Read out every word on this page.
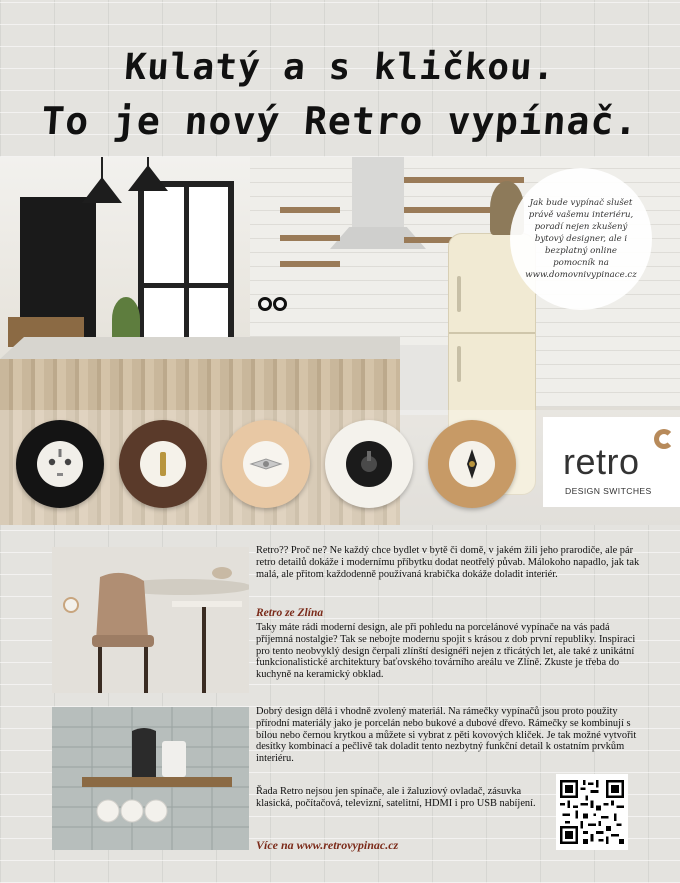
Kulatý a s kličkou.
To je nový Retro vypínač.

Jak bude vypínač slušet právě vašemu interiéru, poradí nejen zkušený bytový designer, ale i bezplatný online pomocník na www.domovnivypinace.cz

retro
DESIGN SWITCHES

Retro?? Proč ne? Ne každý chce bydlet v bytě či domě, v jakém žili jeho prarodiče, ale pár retro detailů dokáže i modernímu příbytku dodat neotřelý půvab. Málokoho napadlo, jak tak malá, ale přitom každodenně používaná krabička dokáže doladit interiér.

Retro ze Zlína

Taky máte rádi moderní design, ale při pohledu na porcelánové vypínače na vás padá příjemná nostalgie? Tak se nebojte modernu spojit s krásou z dob první republiky. Inspiraci pro tento neobvyklý design čerpali zlínští designéři nejen z třicátých let, ale také z unikátní funkcionalistické architektury baťovského továrního areálu ve Zlíně. Zkuste je třeba do kuchyně na keramický obklad.

Dobrý design dělá i vhodně zvolený materiál. Na rámečky vypínačů jsou proto použity přírodní materiály jako je porcelán nebo bukové a dubové dřevo. Rámečky se kombinují s bílou nebo černou krytkou a můžete si vybrat z pěti kovových kliček. Je tak možné vytvořit desítky kombinací a pečlivě tak doladit tento nezbytný funkční detail k ostatním prvkům interiéru.

Řada Retro nejsou jen spínače, ale i žaluziový ovladač, zásuvka klasická, počítačová, televizní, satelitní, HDMI i pro USB nabíjení.

Více na www.retrovypinac.cz
